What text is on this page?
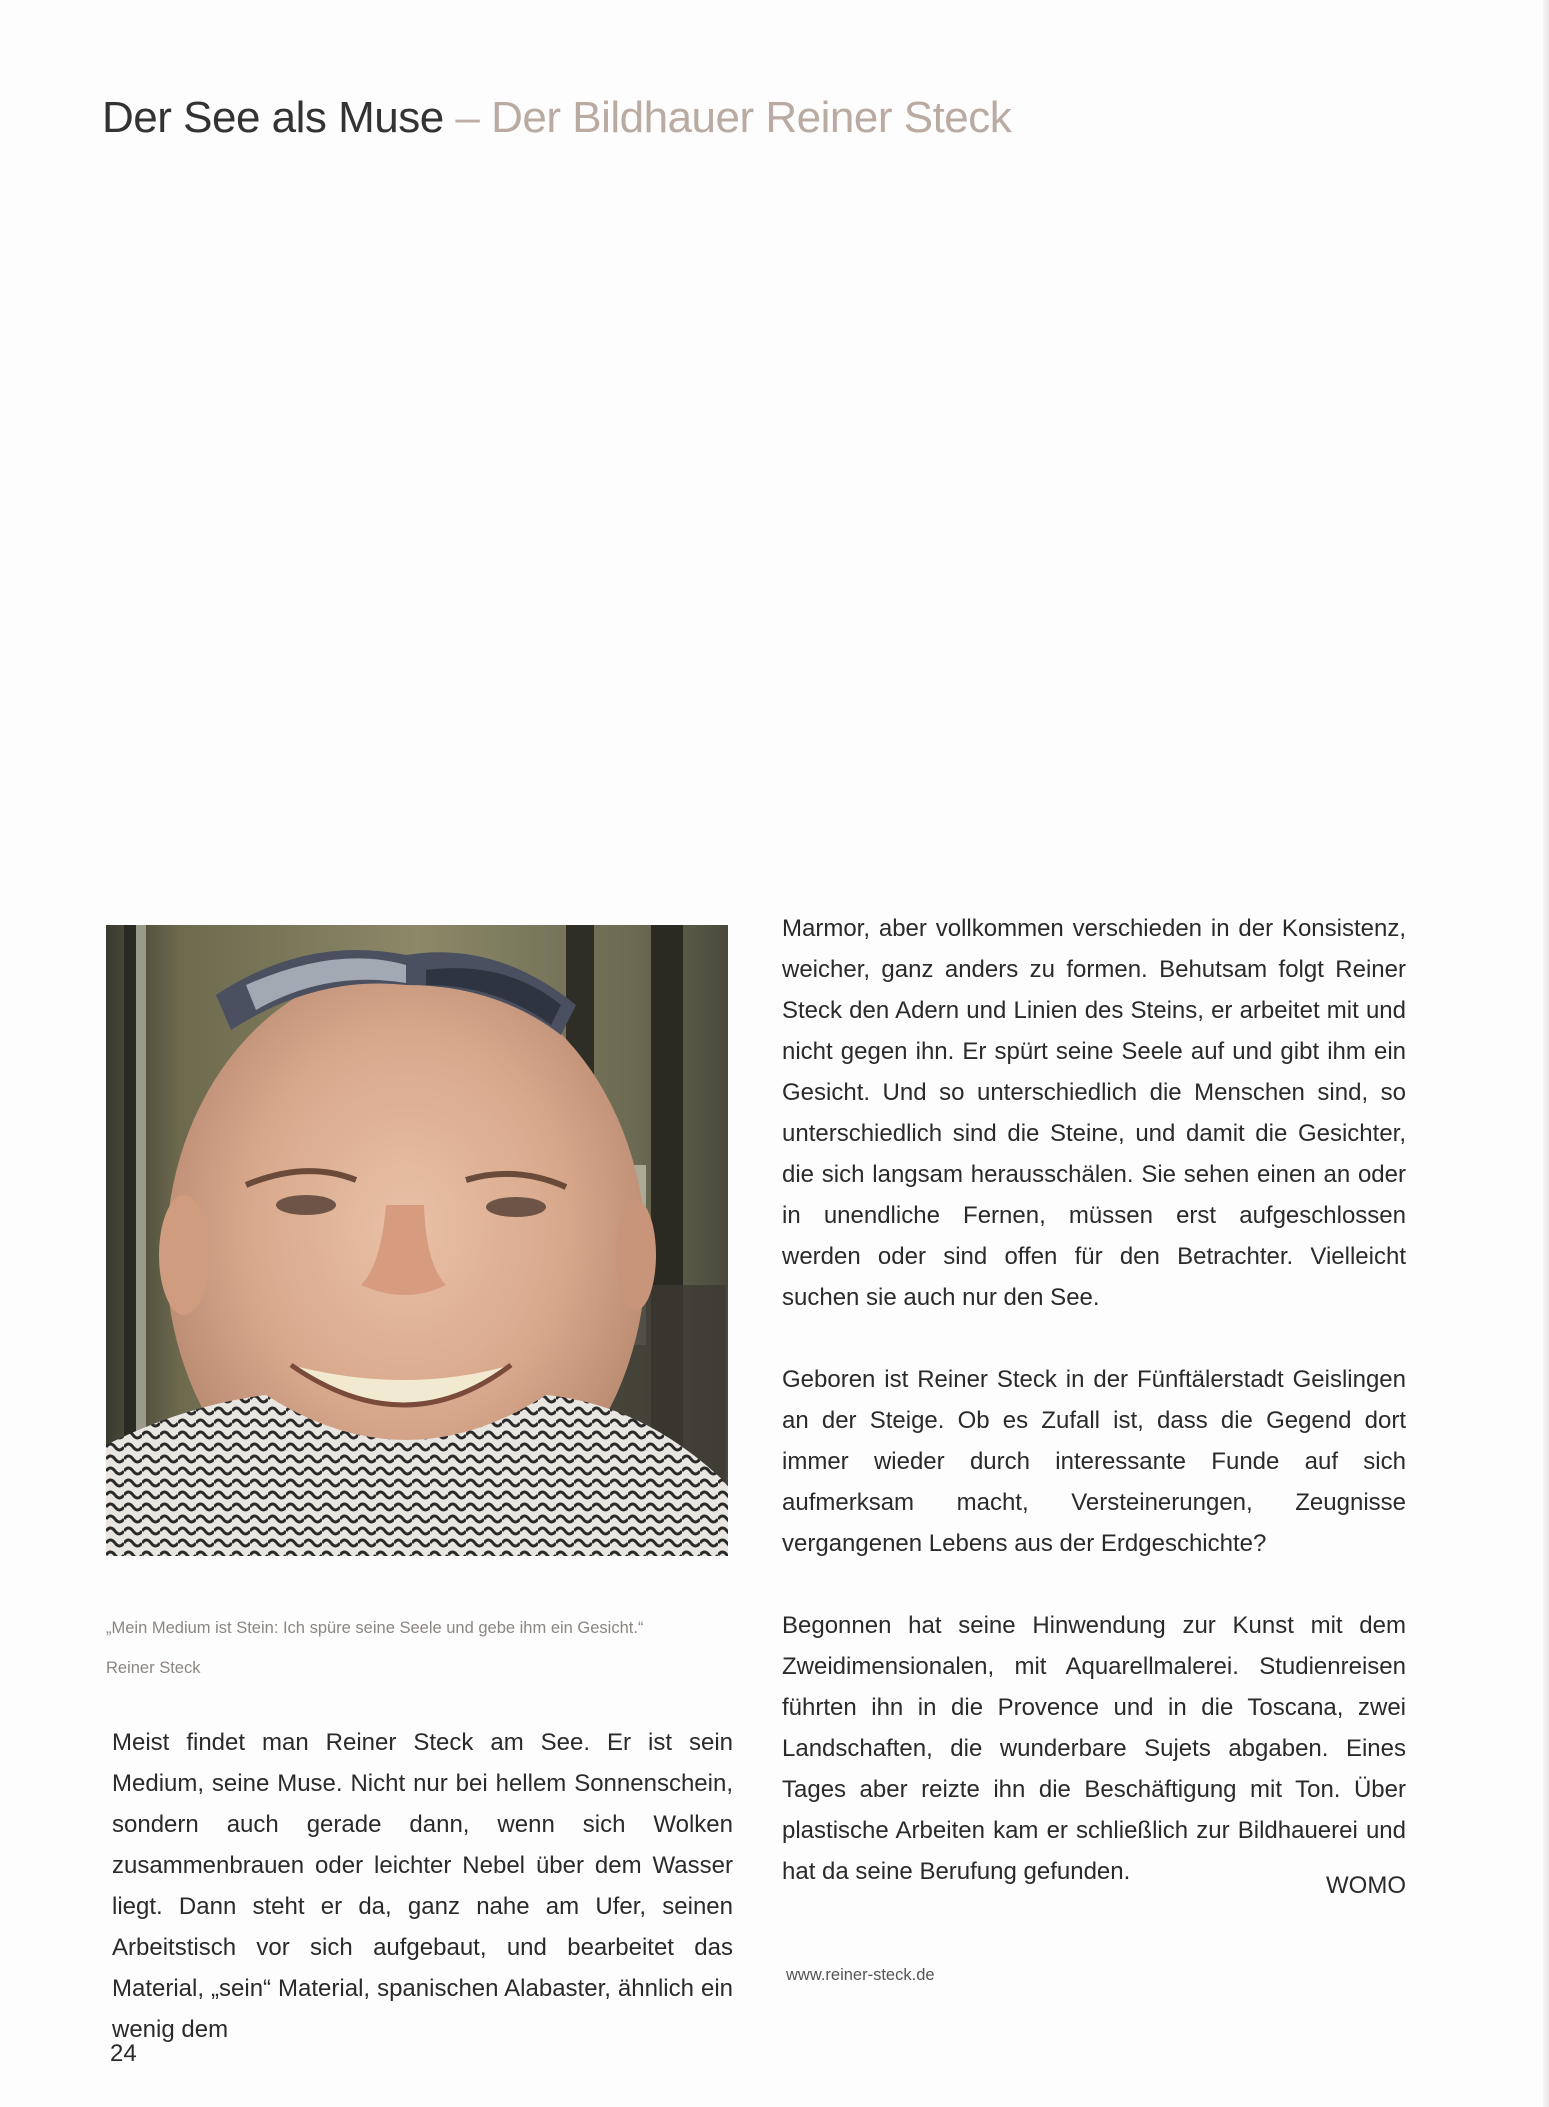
Der See als Muse – Der Bildhauer Reiner Steck
„Mein Medium ist Stein: Ich spüre seine Seele und gebe ihm ein Gesicht.“
Reiner Steck

Meist findet man Reiner Steck am See. Er ist sein Medium, seine Muse. Nicht nur bei hellem Sonnenschein, sondern auch gerade dann, wenn sich Wolken zusammenbrauen oder leichter Nebel über dem Wasser liegt. Dann steht er da, ganz nahe am Ufer, seinen Arbeitstisch vor sich aufgebaut, und bearbeitet das Material, „sein“ Material, spanischen Alabaster, ähnlich ein wenig dem

Marmor, aber vollkommen verschieden in der Konsistenz, weicher, ganz anders zu formen. Behutsam folgt Reiner Steck den Adern und Linien des Steins, er arbeitet mit und nicht gegen ihn. Er spürt seine Seele auf und gibt ihm ein Gesicht. Und so unterschiedlich die Menschen sind, so unterschiedlich sind die Steine, und damit die Gesichter, die sich langsam herausschälen. Sie sehen einen an oder in unendliche Fernen, müssen erst aufgeschlossen werden oder sind offen für den Betrachter. Vielleicht suchen sie auch nur den See.

Geboren ist Reiner Steck in der Fünftälerstadt Geislingen an der Steige. Ob es Zufall ist, dass die Gegend dort immer wieder durch interessante Funde auf sich aufmerksam macht, Versteinerungen, Zeugnisse vergangenen Lebens aus der Erdgeschichte?

Begonnen hat seine Hinwendung zur Kunst mit dem Zweidimensionalen, mit Aquarellmalerei. Studienreisen führten ihn in die Provence und in die Toscana, zwei Landschaften, die wunderbare Sujets abgaben. Eines Tages aber reizte ihn die Beschäftigung mit Ton. Über plastische Arbeiten kam er schließlich zur Bildhauerei und hat da seine Berufung gefunden.

WOMO
www.reiner-steck.de
24
